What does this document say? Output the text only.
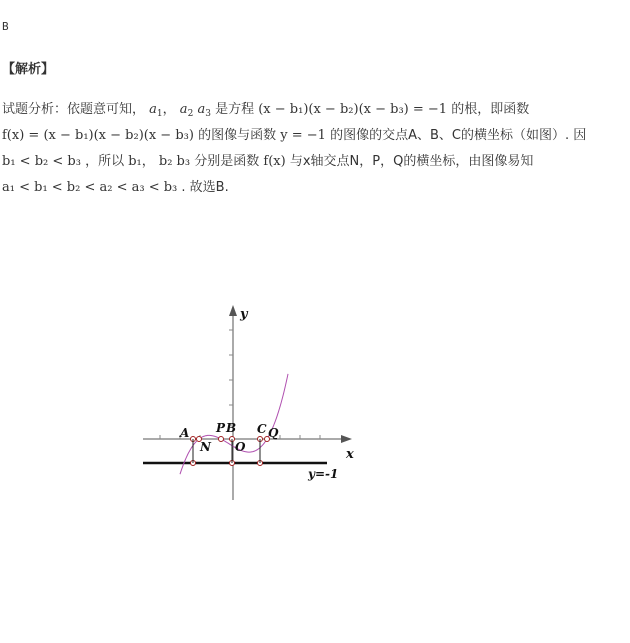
B
【解析】
试题分析：依题意可知， $a_1$， $a_2$ $a_3$ 是方程 (x − b₁)(x − b₂)(x − b₃) = −1 的根，即函数
f(x) = (x − b₁)(x − b₂)(x − b₃) 的图像与函数 y = −1 的图像的交点A、B、C的横坐标（如图）. 因
b₁ < b₂ < b₃ ，所以 b₁， b₂ b₃ 分别是函数 f(x) 与x轴交点N，P，Q的横坐标，由图像易知
a₁ < b₁ < b₂ < a₂ < a₃ < b₃ . 故选B.
y
x
O
A
N
P B C Q
y=-1
